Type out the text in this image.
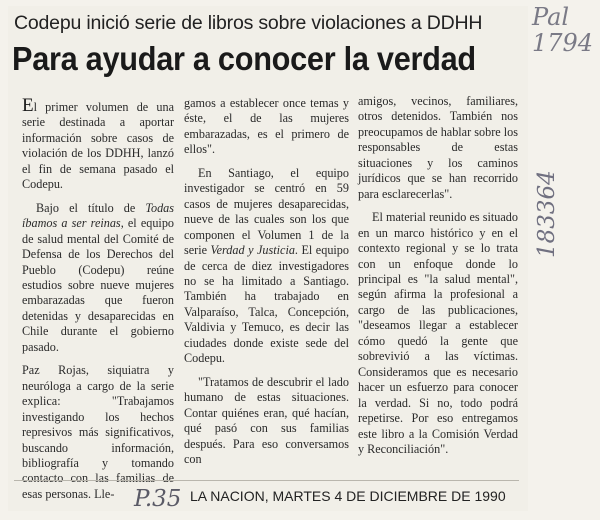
Codepu inició serie de libros sobre violaciones a DDHH
Para ayudar a conocer la verdad

El primer volumen de una serie destinada a aportar información sobre casos de violación de los DDHH, lanzó el fin de semana pasado el Codepu.

Bajo el título de Todas íbamos a ser reinas, el equipo de salud mental del Comité de Defensa de los Derechos del Pueblo (Codepu) reúne estudios sobre nueve mujeres embarazadas que fueron detenidas y desaparecidas en Chile durante el gobierno pasado.

Paz Rojas, siquiatra y neuróloga a cargo de la serie explica: "Trabajamos investigando los hechos represivos más significativos, buscando información, bibliografía y tomando contacto con las familias de esas personas. Lle-

gamos a establecer once temas y éste, el de las mujeres embarazadas, es el primero de ellos".

En Santiago, el equipo investigador se centró en 59 casos de mujeres desaparecidas, nueve de las cuales son los que componen el Volumen 1 de la serie Verdad y Justicia. El equipo de cerca de diez investigadores no se ha limitado a Santiago. También ha trabajado en Valparaíso, Talca, Concepción, Valdivia y Temuco, es decir las ciudades donde existe sede del Codepu.

"Tratamos de descubrir el lado humano de estas situaciones. Contar quiénes eran, qué hacían, qué pasó con sus familias después. Para eso conversamos con

amigos, vecinos, familiares, otros detenidos. También nos preocupamos de hablar sobre los responsables de estas situaciones y los caminos jurídicos que se han recorrido para esclarecerlas".

El material reunido es situado en un marco histórico y en el contexto regional y se lo trata con un enfoque donde lo principal es "la salud mental", según afirma la profesional a cargo de las publicaciones, "deseamos llegar a establecer cómo quedó la gente que sobrevivió a las víctimas. Consideramos que es necesario hacer un esfuerzo para conocer la verdad. Si no, todo podrá repetirse. Por eso entregamos este libro a la Comisión Verdad y Reconciliación".

LA NACION, MARTES 4 DE DICIEMBRE DE 1990
P.35
Pal
1794
183364
